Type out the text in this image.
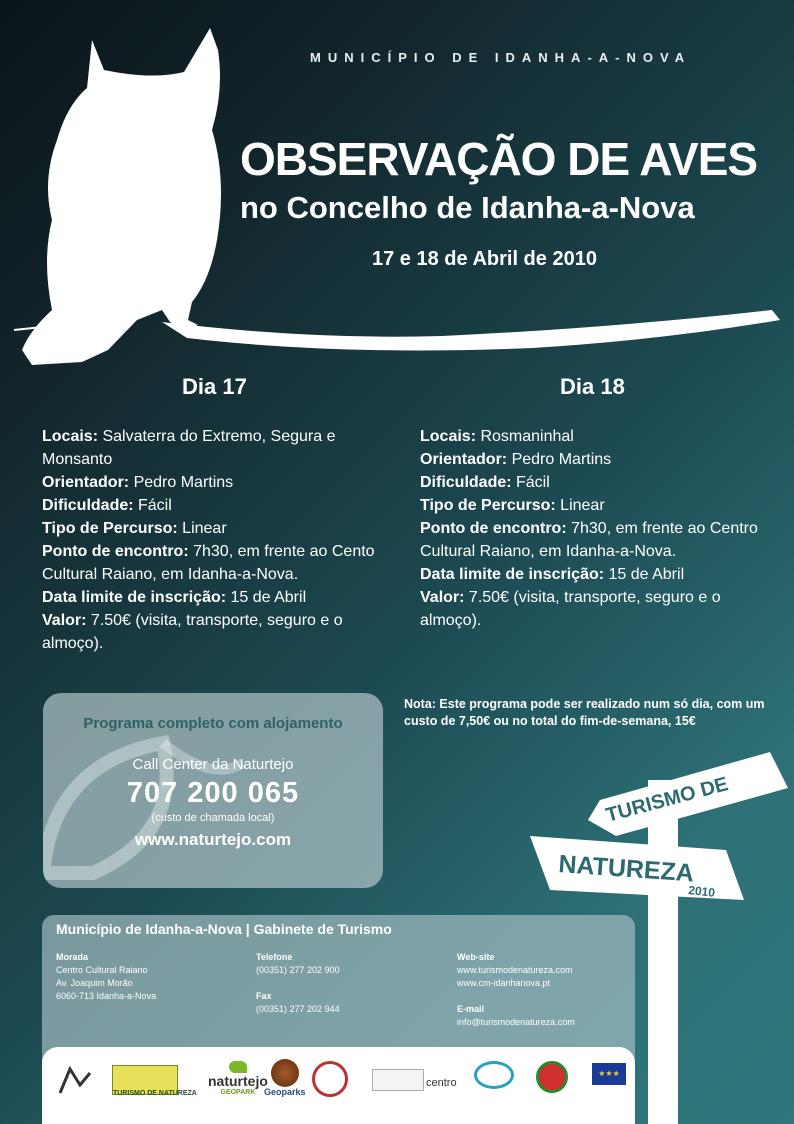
MUNICÍPIO DE IDANHA-A-NOVA
OBSERVAÇÃO DE AVES
no Concelho de Idanha-a-Nova
17 e 18 de Abril de 2010
Dia 17	Dia 18
Locais: Salvaterra do Extremo, Segura e Monsanto
Orientador: Pedro Martins
Dificuldade: Fácil
Tipo de Percurso: Linear
Ponto de encontro: 7h30, em frente ao Cento Cultural Raiano, em Idanha-a-Nova.
Data limite de inscrição: 15 de Abril
Valor: 7.50€ (visita, transporte, seguro e o almoço).
Locais: Rosmaninhal
Orientador: Pedro Martins
Dificuldade: Fácil
Tipo de Percurso: Linear
Ponto de encontro: 7h30, em frente ao Centro Cultural Raiano, em Idanha-a-Nova.
Data limite de inscrição: 15 de Abril
Valor: 7.50€ (visita, transporte, seguro e o almoço).
Nota: Este programa pode ser realizado num só dia, com um custo de 7,50€ ou no total do fim-de-semana, 15€
Programa completo com alojamento
Call Center da Naturtejo
707 200 065
(custo de chamada local)
www.naturtejo.com
TURISMO DE
NATUREZA
2010
Município de Idanha-a-Nova | Gabinete de Turismo
Morada
Centro Cultural Raiano
Av. Joaquim Morão
6060-713 Idanha-a-Nova
Telefone
(00351) 277 202 900

Fax
(00351) 277 202 944
Web-site
www.turismodenatureza.com
www.cm-idanhanova.pt

E-mail
info@turismodenatureza.com
TURISMO DE NATUREZA
naturtejo
GEOPARK Geoparks
centro
★★★
